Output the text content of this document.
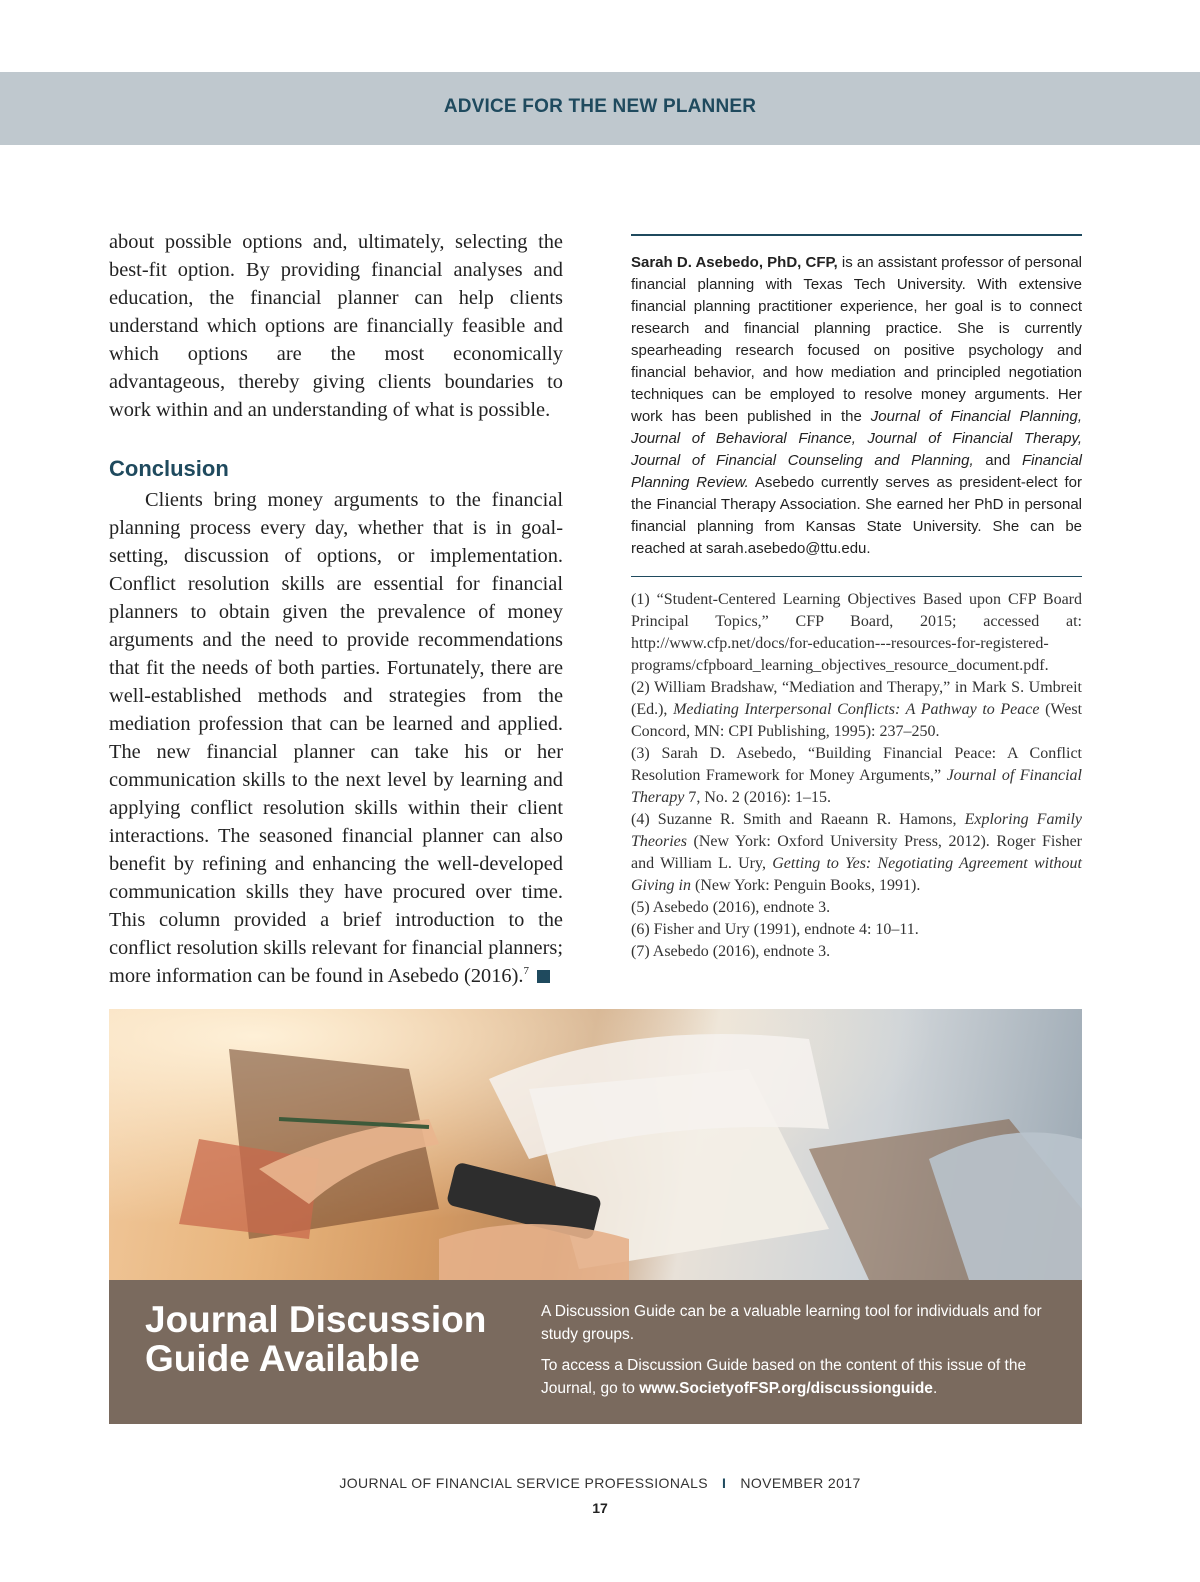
ADVICE FOR THE NEW PLANNER

about possible options and, ultimately, selecting the best-fit option. By providing financial analyses and education, the financial planner can help clients understand which options are financially feasible and which options are the most economically advantageous, thereby giving clients boundaries to work within and an understanding of what is possible.

Conclusion

Clients bring money arguments to the financial planning process every day, whether that is in goal-setting, discussion of options, or implementation. Conflict resolution skills are essential for financial planners to obtain given the prevalence of money arguments and the need to provide recommendations that fit the needs of both parties. Fortunately, there are well-established methods and strategies from the mediation profession that can be learned and applied. The new financial planner can take his or her communication skills to the next level by learning and applying conflict resolution skills within their client interactions. The seasoned financial planner can also benefit by refining and enhancing the well-developed communication skills they have procured over time. This column provided a brief introduction to the conflict resolution skills relevant for financial planners; more information can be found in Asebedo (2016).$^7$

Sarah D. Asebedo, PhD, CFP, is an assistant professor of personal financial planning with Texas Tech University. With extensive financial planning practitioner experience, her goal is to connect research and financial planning practice. She is currently spearheading research focused on positive psychology and financial behavior, and how mediation and principled negotiation techniques can be employed to resolve money arguments. Her work has been published in the Journal of Financial Planning, Journal of Behavioral Finance, Journal of Financial Therapy, Journal of Financial Counseling and Planning, and Financial Planning Review. Asebedo currently serves as president-elect for the Financial Therapy Association. She earned her PhD in personal financial planning from Kansas State University. She can be reached at sarah.asebedo@ttu.edu.
(1) “Student-Centered Learning Objectives Based upon CFP Board Principal Topics,” CFP Board, 2015; accessed at: http://www.cfp.net/docs/for-education---resources-for-registered-programs/cfpboard_learning_objectives_resource_document.pdf.
(2) William Bradshaw, “Mediation and Therapy,” in Mark S. Umbreit (Ed.), Mediating Interpersonal Conflicts: A Pathway to Peace (West Concord, MN: CPI Publishing, 1995): 237–250.
(3) Sarah D. Asebedo, “Building Financial Peace: A Conflict Resolution Framework for Money Arguments,” Journal of Financial Therapy 7, No. 2 (2016): 1–15.
(4) Suzanne R. Smith and Raeann R. Hamons, Exploring Family Theories (New York: Oxford University Press, 2012). Roger Fisher and William L. Ury, Getting to Yes: Negotiating Agreement without Giving in (New York: Penguin Books, 1991).
(5) Asebedo (2016), endnote 3.
(6) Fisher and Ury (1991), endnote 4: 10–11.
(7) Asebedo (2016), endnote 3.
Journal Discussion
Guide Available

A Discussion Guide can be a valuable learning tool for individuals and for study groups.

To access a Discussion Guide based on the content of this issue of the Journal, go to www.SocietyofFSP.org/discussionguide.

JOURNAL OF FINANCIAL SERVICE PROFESSIONALS I NOVEMBER 2017
17
